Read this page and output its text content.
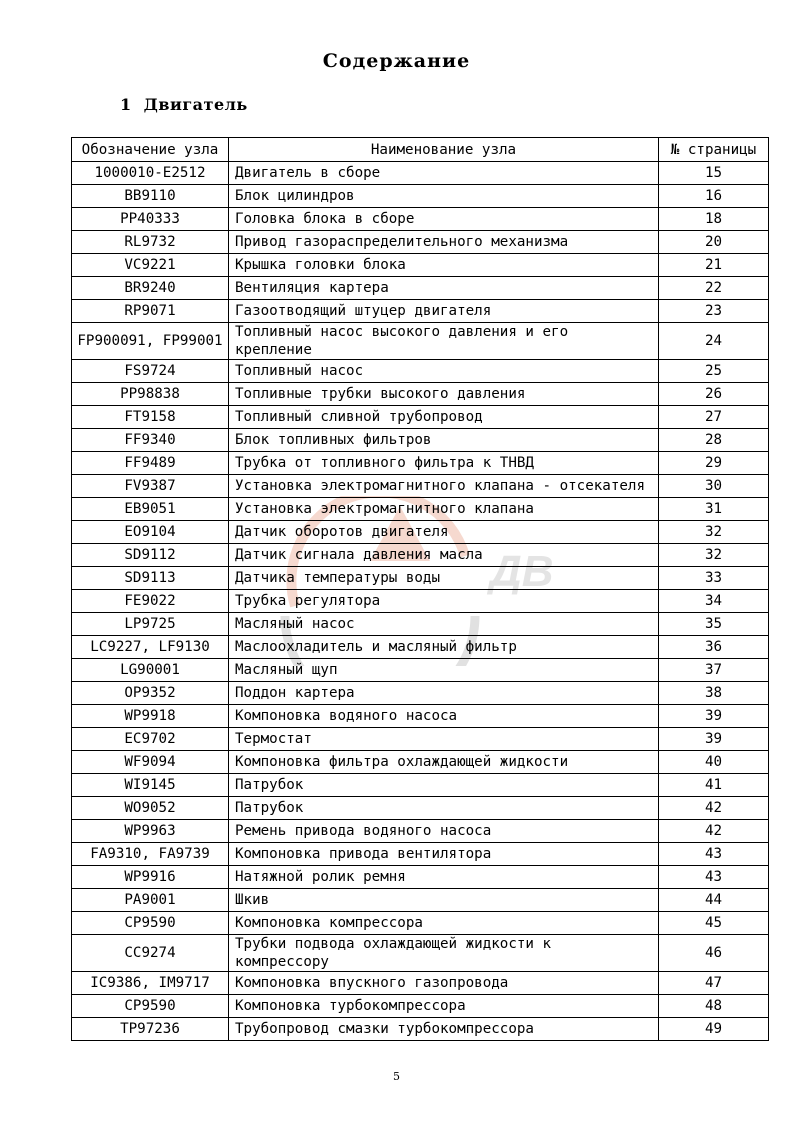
Содержание
1 Двигатель
ДВ
Обозначение узла	Наименование узла	№ страницы
1000010-E2512	Двигатель в сборе	15
BB9110	Блок цилиндров	16
PP40333	Головка блока в сборе	18
RL9732	Привод газораспределительного механизма	20
VC9221	Крышка головки блока	21
BR9240	Вентиляция картера	22
RP9071	Газоотводящий штуцер двигателя	23
FP900091, FP99001	Топливный насос высокого давления и его крепление	24
FS9724	Топливный насос	25
PP98838	Топливные трубки высокого давления	26
FT9158	Топливный сливной трубопровод	27
FF9340	Блок топливных фильтров	28
FF9489	Трубка от топливного фильтра к ТНВД	29
FV9387	Установка электромагнитного клапана - отсекателя	30
EB9051	Установка электромагнитного клапана	31
EO9104	Датчик оборотов двигателя	32
SD9112	Датчик сигнала давления масла	32
SD9113	Датчика температуры воды	33
FE9022	Трубка регулятора	34
LP9725	Масляный насос	35
LC9227, LF9130	Маслоохладитель и масляный фильтр	36
LG90001	Масляный щуп	37
OP9352	Поддон картера	38
WP9918	Компоновка водяного насоса	39
EC9702	Термостат	39
WF9094	Компоновка фильтра охлаждающей жидкости	40
WI9145	Патрубок	41
WO9052	Патрубок	42
WP9963	Ремень привода водяного насоса	42
FA9310, FA9739	Компоновка привода вентилятора	43
WP9916	Натяжной ролик ремня	43
PA9001	Шкив	44
CP9590	Компоновка компрессора	45
CC9274	Трубки подвода охлаждающей жидкости к компрессору	46
IC9386, IM9717	Компоновка впускного газопровода	47
CP9590	Компоновка турбокомпрессора	48
TP97236	Трубопровод смазки турбокомпрессора	49
5
